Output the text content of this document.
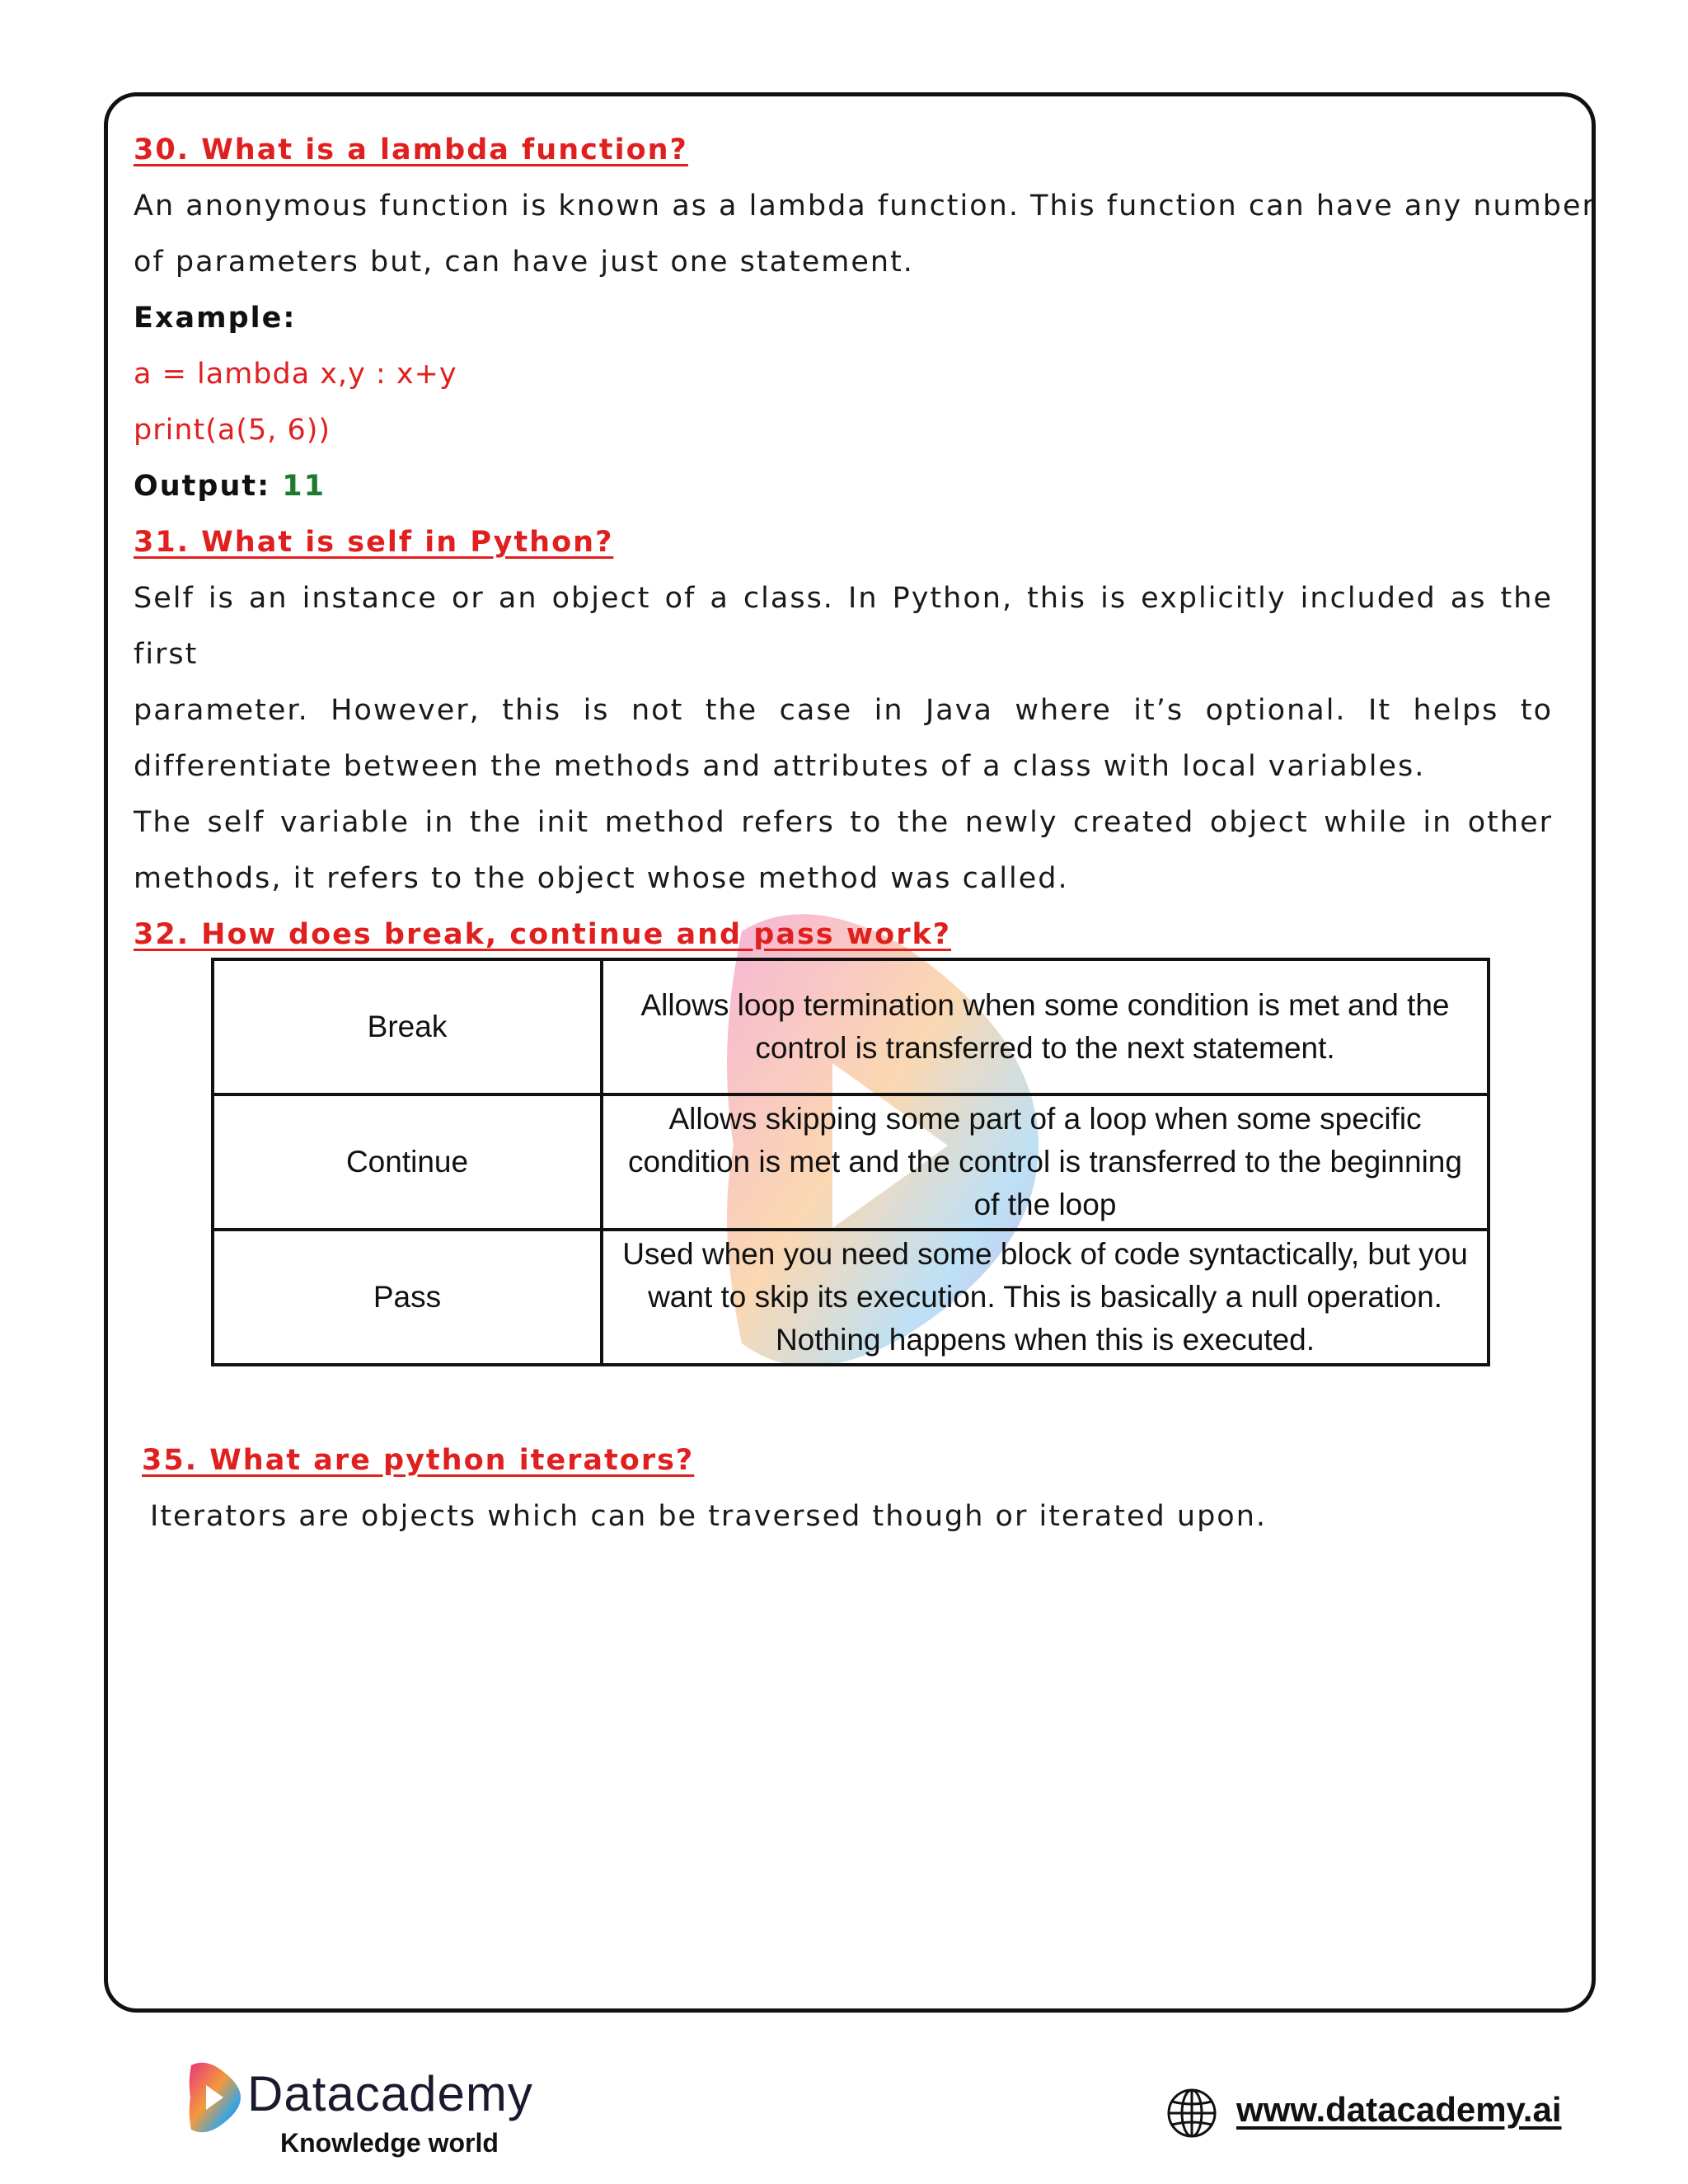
30. What is a lambda function?

An anonymous function is known as a lambda function. This function can have any number

of parameters but, can have just one statement.

Example:

a = lambda x,y : x+y

print(a(5, 6))

Output: 11

31. What is self in Python?

Self is an instance or an object of a class. In Python, this is explicitly included as the first

parameter. However, this is not the case in Java where it’s optional. It helps to

differentiate between the methods and attributes of a class with local variables.

The self variable in the init method refers to the newly created object while in other

methods, it refers to the object whose method was called.

32. How does break, continue and pass work?

Break	Allows loop termination when some condition is met and the control is transferred to the next statement.
Continue	Allows skipping some part of a loop when some specific condition is met and the control is transferred to the beginning of the loop
Pass	Used when you need some block of code syntactically, but you want to skip its execution. This is basically a null operation. Nothing happens when this is executed.

35. What are python iterators?

Iterators are objects which can be traversed though or iterated upon.

Datacademy
Knowledge world
www.datacademy.ai
